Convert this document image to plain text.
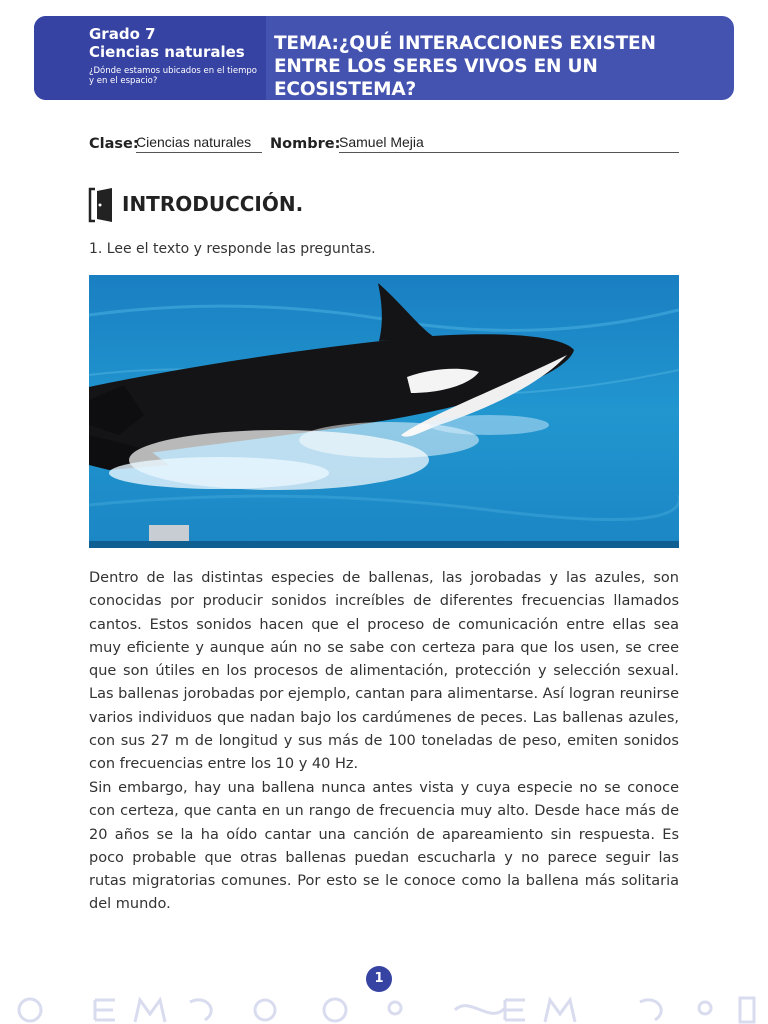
Grado 7
Ciencias naturales
¿Dónde estamos ubicados en el tiempo y en el espacio?
TEMA:¿QUÉ INTERACCIONES EXISTEN ENTRE LOS SERES VIVOS EN UN ECOSISTEMA?
Clase:
Ciencias naturales	Nombre:
Samuel Mejia
INTRODUCCIÓN.
1. Lee el texto y responde las preguntas.

Dentro de las distintas especies de ballenas, las jorobadas y las azules, son conocidas por producir sonidos increíbles de diferentes frecuencias llamados cantos. Estos sonidos hacen que el proceso de comunicación entre ellas sea muy eficiente y aunque aún no se sabe con certeza para que los usen, se cree que son útiles en los procesos de alimentación, protección y selección sexual. Las ballenas jorobadas por ejemplo, cantan para alimentarse. Así logran reunirse varios individuos que nadan bajo los cardúmenes de peces. Las ballenas azules, con sus 27 m de longitud y sus más de 100 toneladas de peso, emiten sonidos con frecuencias entre los 10 y 40 Hz.

Sin embargo, hay una ballena nunca antes vista y cuya especie no se conoce con certeza, que canta en un rango de frecuencia muy alto. Desde hace más de 20 años se la ha oído cantar una canción de apareamiento sin respuesta. Es poco probable que otras ballenas puedan escucharla y no parece seguir las rutas migratorias comunes. Por esto se le conoce como la ballena más solitaria del mundo.

1
